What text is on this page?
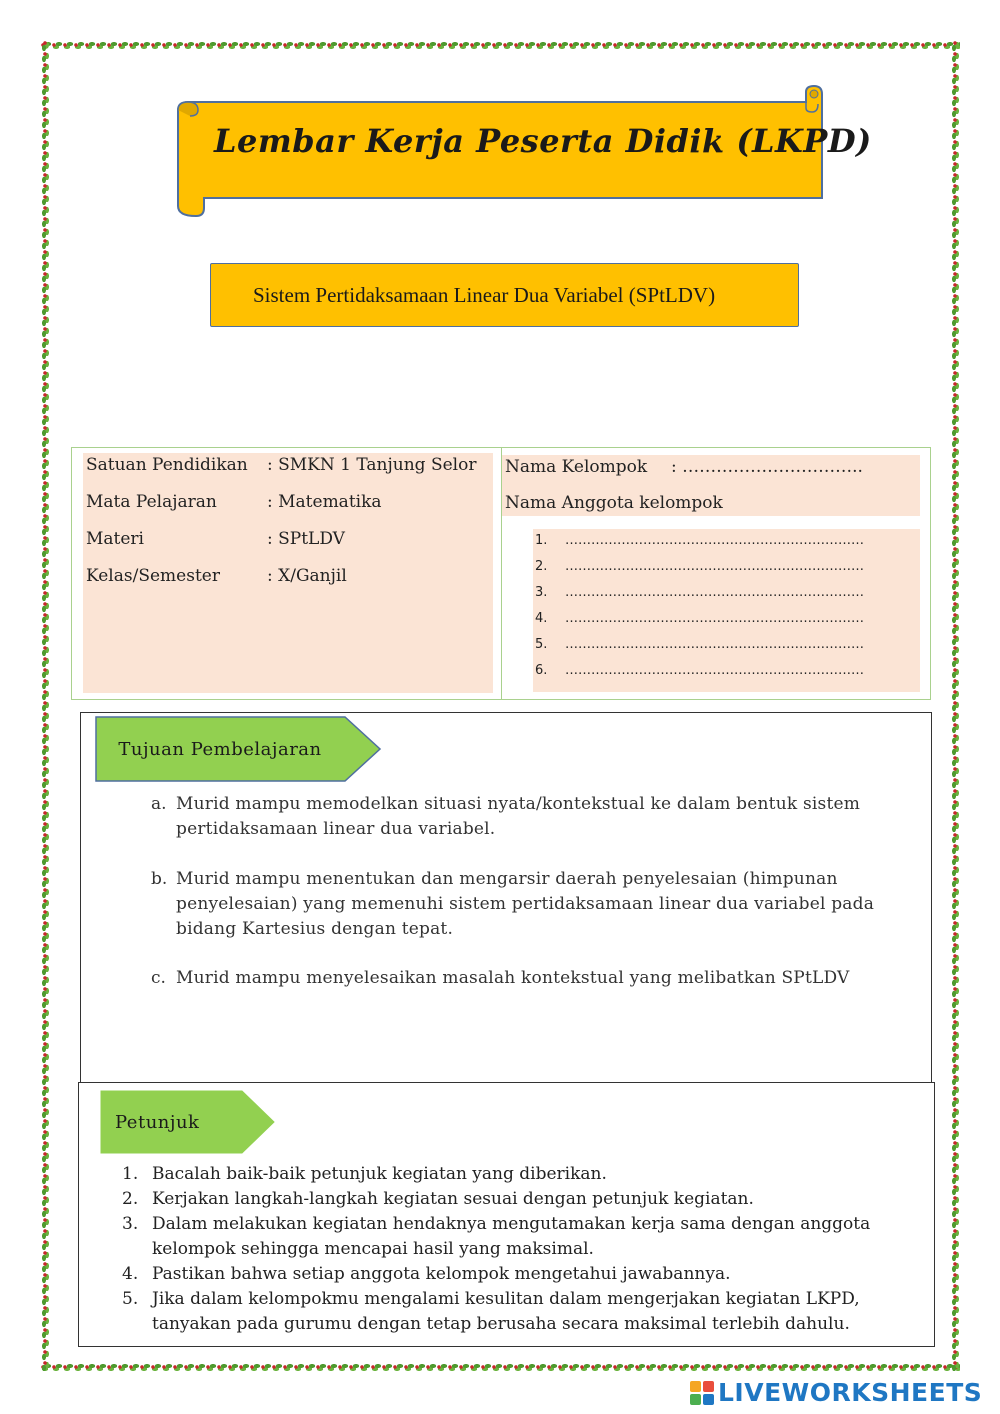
Lembar Kerja Peserta Didik (LKPD)
Sistem Pertidaksamaan Linear Dua Variabel (SPtLDV)
Satuan Pendidikan : SMKN 1 Tanjung Selor
Mata Pelajaran	: Matematika
Materi	: SPtLDV
Kelas/Semester	: X/Ganjil
Nama Kelompok : …………………………..
Nama Anggota kelompok
1. ……………………………………………………………
2. ……………………………………………………………
3. ……………………………………………………………
4. ……………………………………………………………
5. ……………………………………………………………
6. ……………………………………………………………
Tujuan Pembelajaran
a. Murid mampu memodelkan situasi nyata/kontekstual ke dalam bentuk sistem pertidaksamaan linear dua variabel.
b. Murid mampu menentukan dan mengarsir daerah penyelesaian (himpunan penyelesaian) yang memenuhi sistem pertidaksamaan linear dua variabel pada bidang Kartesius dengan tepat.
c. Murid mampu menyelesaikan masalah kontekstual yang melibatkan SPtLDV
Petunjuk
1. Bacalah baik-baik petunjuk kegiatan yang diberikan.
2. Kerjakan langkah-langkah kegiatan sesuai dengan petunjuk kegiatan.
3. Dalam melakukan kegiatan hendaknya mengutamakan kerja sama dengan anggota kelompok sehingga mencapai hasil yang maksimal.
4. Pastikan bahwa setiap anggota kelompok mengetahui jawabannya.
5. Jika dalam kelompokmu mengalami kesulitan dalam mengerjakan kegiatan LKPD, tanyakan pada gurumu dengan tetap berusaha secara maksimal terlebih dahulu.
LIVEWORKSHEETS
